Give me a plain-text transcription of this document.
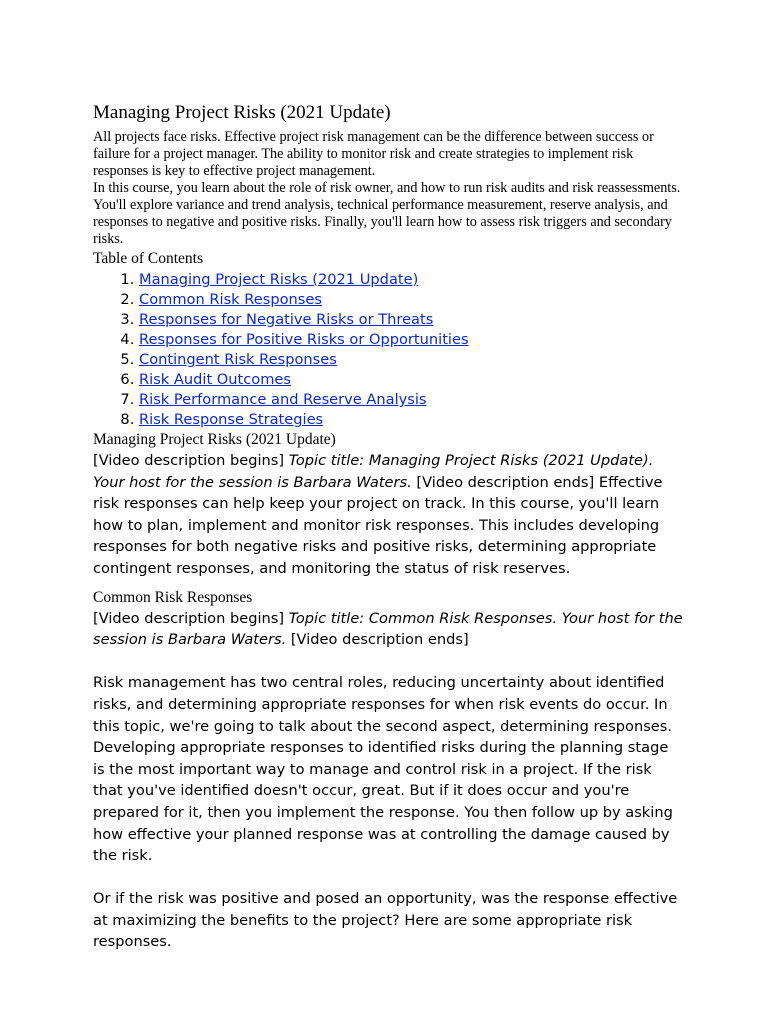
Managing Project Risks (2021 Update)

All projects face risks. Effective project risk management can be the difference between success or failure for a project manager. The ability to monitor risk and create strategies to implement risk responses is key to effective project management.

In this course, you learn about the role of risk owner, and how to run risk audits and risk reassessments. You'll explore variance and trend analysis, technical performance measurement, reserve analysis, and responses to negative and positive risks. Finally, you'll learn how to assess risk triggers and secondary risks.

Table of Contents
1. Managing Project Risks (2021 Update)
2. Common Risk Responses
3. Responses for Negative Risks or Threats
4. Responses for Positive Risks or Opportunities
5. Contingent Risk Responses
6. Risk Audit Outcomes
7. Risk Performance and Reserve Analysis
8. Risk Response Strategies
Managing Project Risks (2021 Update)

[Video description begins] Topic title: Managing Project Risks (2021 Update). Your host for the session is Barbara Waters. [Video description ends] Effective risk responses can help keep your project on track. In this course, you'll learn how to plan, implement and monitor risk responses. This includes developing responses for both negative risks and positive risks, determining appropriate contingent responses, and monitoring the status of risk reserves.

Common Risk Responses

[Video description begins] Topic title: Common Risk Responses. Your host for the session is Barbara Waters. [Video description ends]

Risk management has two central roles, reducing uncertainty about identified risks, and determining appropriate responses for when risk events do occur. In this topic, we're going to talk about the second aspect, determining responses. Developing appropriate responses to identified risks during the planning stage is the most important way to manage and control risk in a project. If the risk that you've identified doesn't occur, great. But if it does occur and you're prepared for it, then you implement the response. You then follow up by asking how effective your planned response was at controlling the damage caused by the risk.

Or if the risk was positive and posed an opportunity, was the response effective at maximizing the benefits to the project? Here are some appropriate risk responses.
